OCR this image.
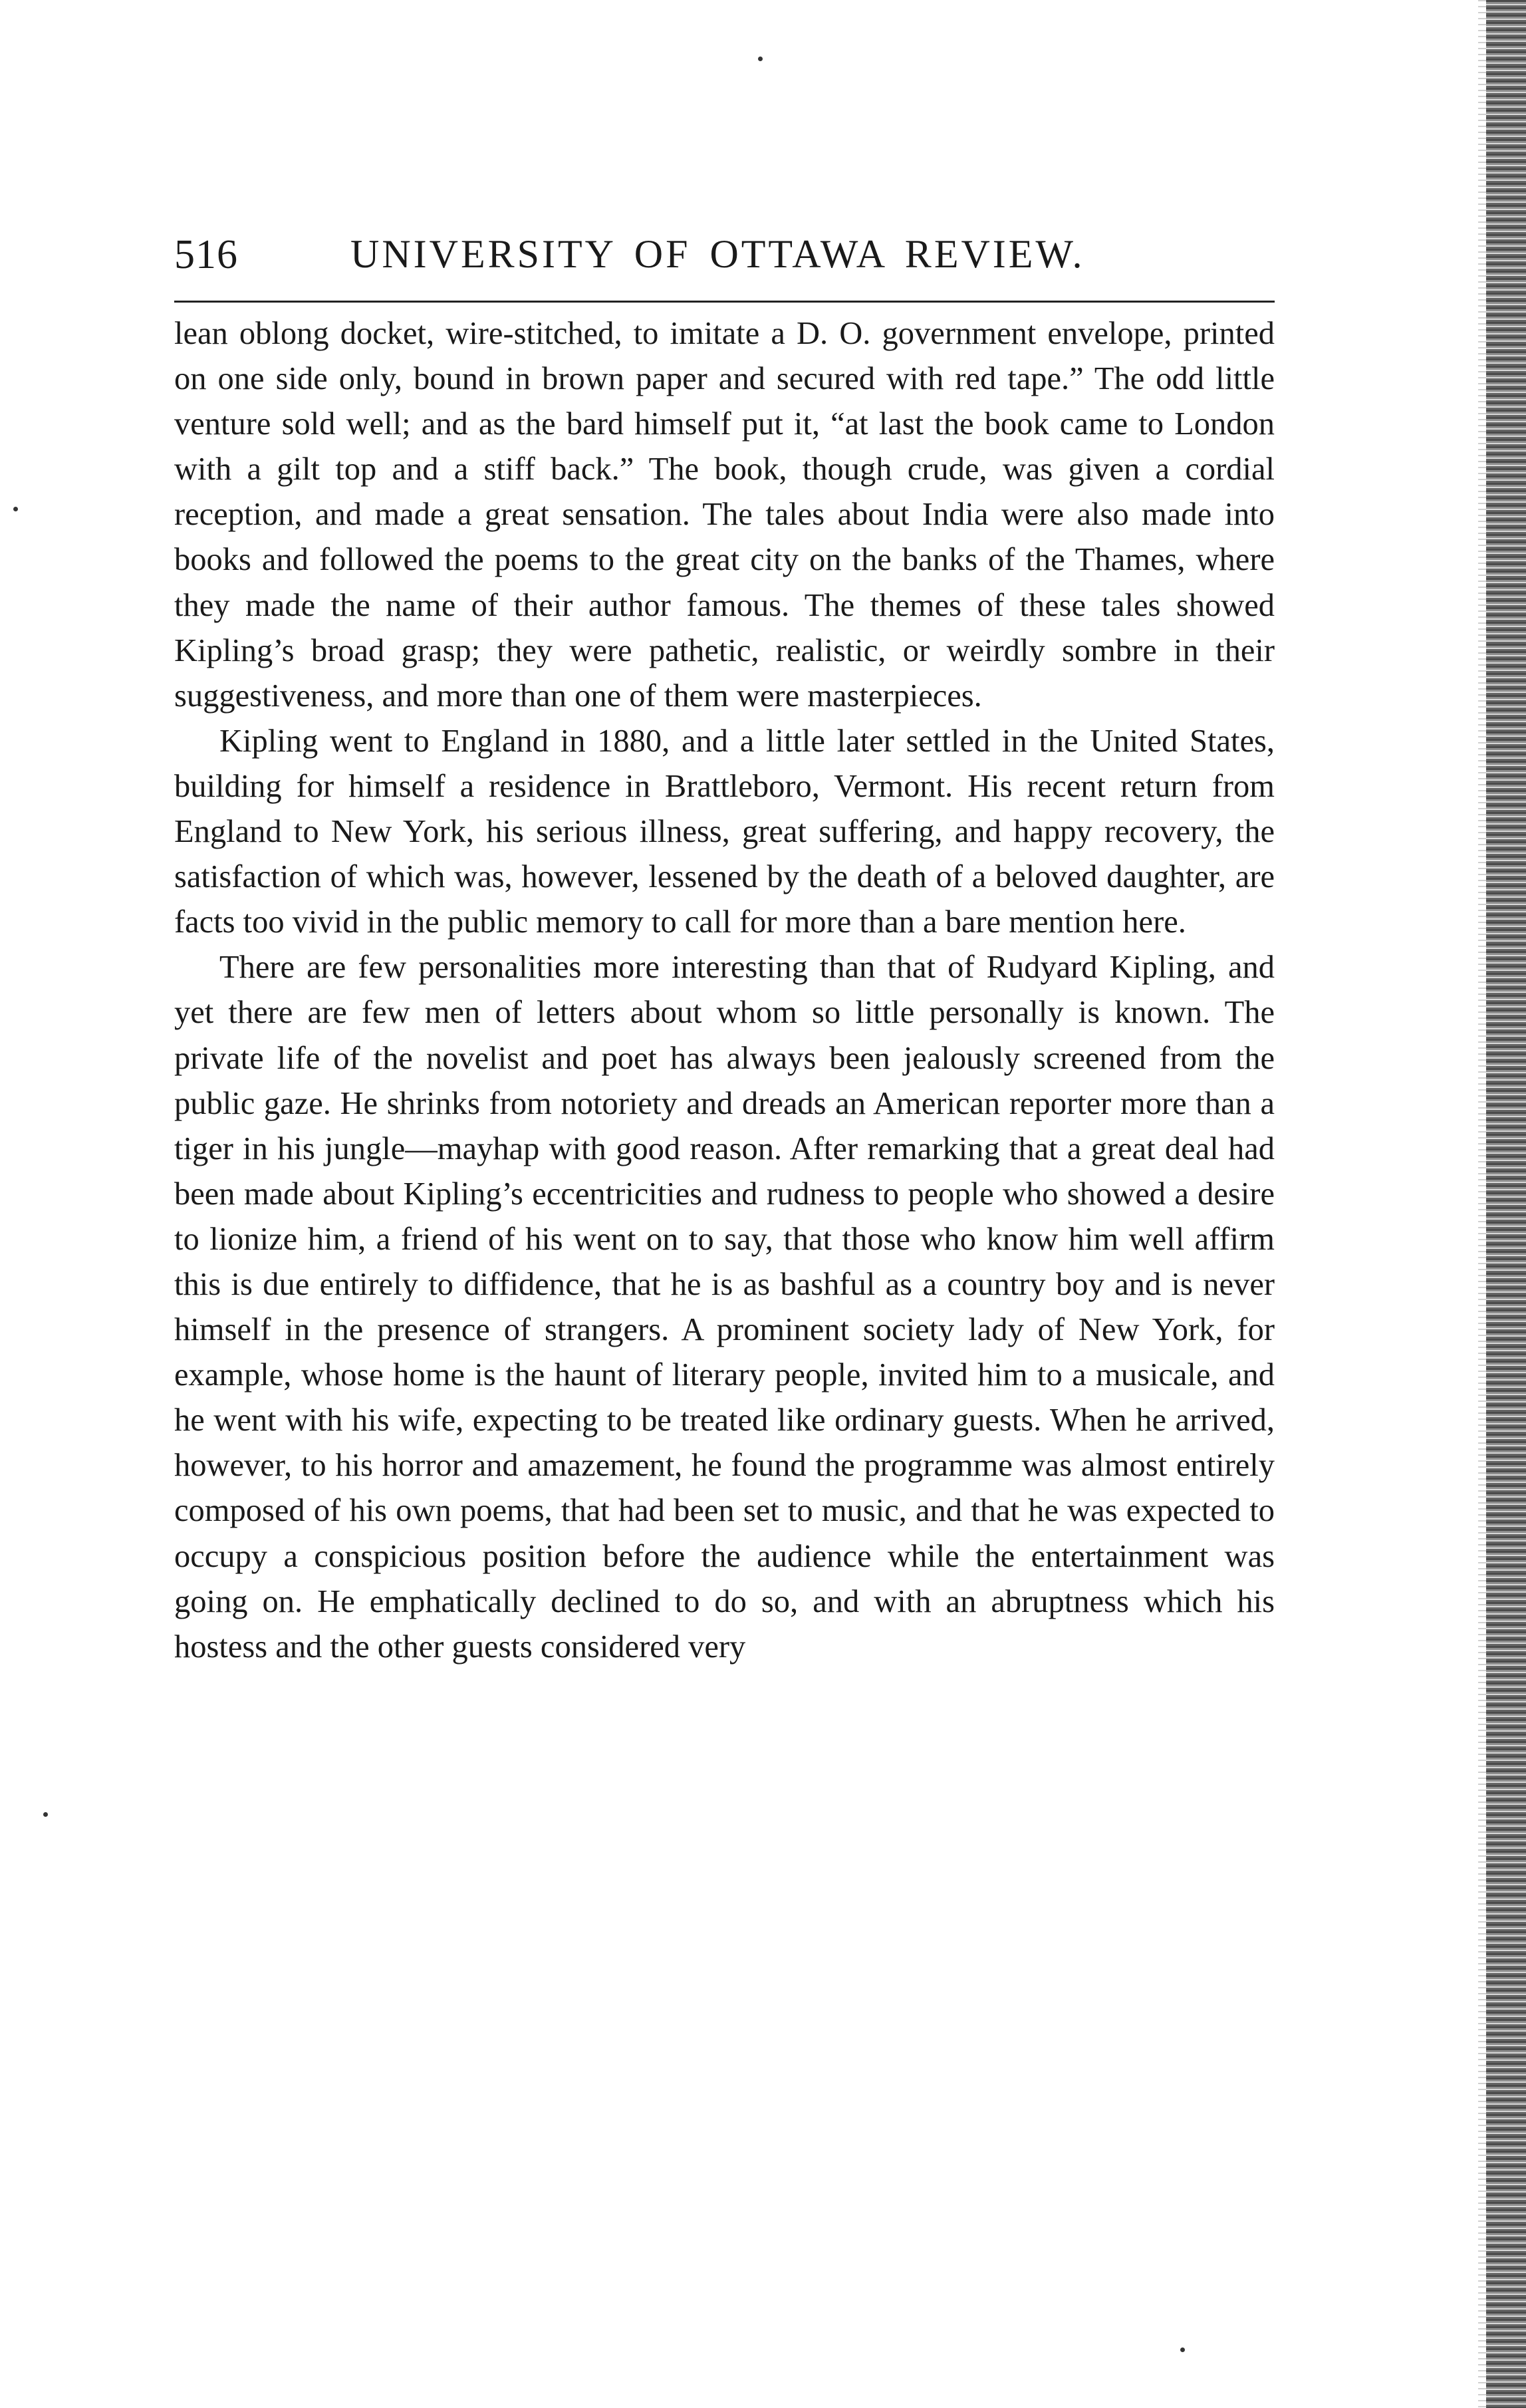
516	UNIVERSITY OF OTTAWA REVIEW.

lean oblong docket, wire-stitched, to imitate a D. O. government envelope, printed on one side only, bound in brown paper and secured with red tape.” The odd little venture sold well; and as the bard himself put it, “at last the book came to London with a gilt top and a stiff back.” The book, though crude, was given a cordial reception, and made a great sensation. The tales about India were also made into books and followed the poems to the great city on the banks of the Thames, where they made the name of their author famous. The themes of these tales showed Kipling’s broad grasp; they were pathetic, realistic, or weirdly sombre in their suggestiveness, and more than one of them were masterpieces.

Kipling went to England in 1880, and a little later settled in the United States, building for himself a residence in Brattleboro, Vermont. His recent return from England to New York, his serious illness, great suffering, and happy recovery, the satisfaction of which was, however, lessened by the death of a beloved daughter, are facts too vivid in the public memory to call for more than a bare mention here.

There are few personalities more interesting than that of Rudyard Kipling, and yet there are few men of letters about whom so little personally is known. The private life of the novelist and poet has always been jealously screened from the public gaze. He shrinks from notoriety and dreads an American reporter more than a tiger in his jungle—mayhap with good reason. After remarking that a great deal had been made about Kipling’s eccentricities and rudness to people who showed a desire to lionize him, a friend of his went on to say, that those who know him well affirm this is due entirely to diffidence, that he is as bashful as a country boy and is never himself in the presence of strangers. A prominent society lady of New York, for example, whose home is the haunt of literary people, invited him to a musicale, and he went with his wife, expecting to be treated like ordinary guests. When he arrived, however, to his horror and amazement, he found the programme was almost entirely composed of his own poems, that had been set to music, and that he was expected to occupy a conspicious position before the audience while the entertainment was going on. He emphatically declined to do so, and with an abruptness which his hostess and the other guests considered very
